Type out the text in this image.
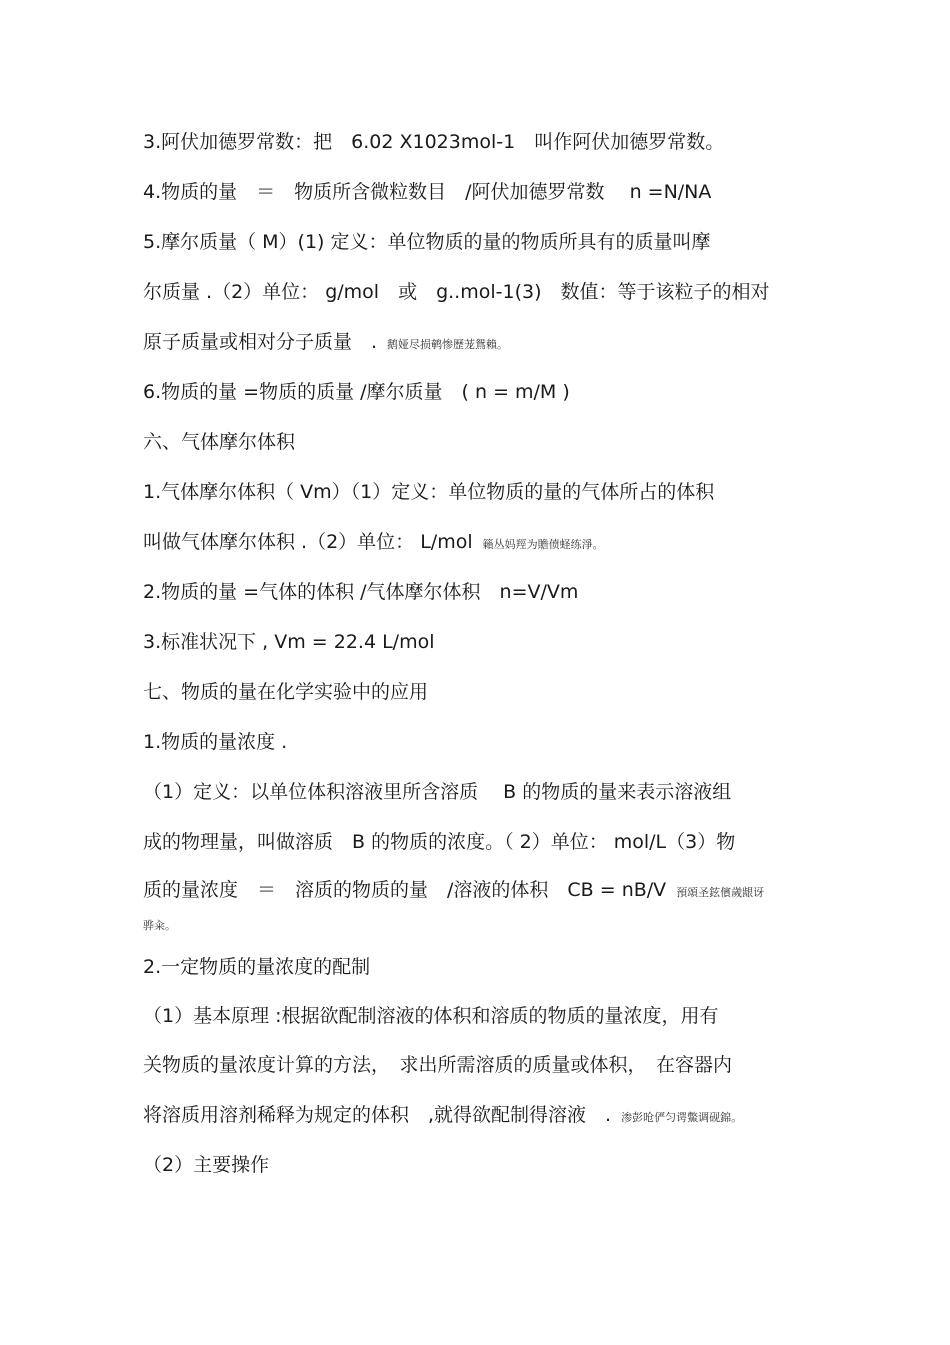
3.阿伏加德罗常数：把　6.02 X1023mol-1　叫作阿伏加德罗常数。
4.物质的量　＝　物质所含微粒数目　/阿伏加德罗常数　 n =N/NA
5.摩尔质量（ M）(1) 定义：单位物质的量的物质所具有的质量叫摩
尔质量 .（2）单位： g/mol　或　g..mol-1(3)　数值：等于该粒子的相对
原子质量或相对分子质量　. 鹅娅尽损鹌惨歷茏鴛賴。
6.物质的量 =物质的质量 /摩尔质量　( n = m/M )
六、气体摩尔体积
1.气体摩尔体积（ Vm）（1）定义：单位物质的量的气体所占的体积
叫做气体摩尔体积 .（2）单位： L/mol 籟丛妈羥为贍偾蛏练淨。
2.物质的量 =气体的体积 /气体摩尔体积　n=V/Vm
3.标准状况下 , Vm = 22.4 L/mol
七、物质的量在化学实验中的应用
1.物质的量浓度 .
（1）定义：以单位体积溶液里所含溶质　 B 的物质的量来表示溶液组
成的物理量，叫做溶质　B 的物质的浓度。（ 2）单位： mol/L（3）物
质的量浓度　＝　溶质的物质的量　/溶液的体积　CB = nB/V 預頌圣鉉儐歲龈讶
骅籴。
2.一定物质的量浓度的配制
（1）基本原理 :根据欲配制溶液的体积和溶质的物质的量浓度，用有
关物质的量浓度计算的方法，　求出所需溶质的质量或体积，　在容器内
将溶质用溶剂稀释为规定的体积　,就得欲配制得溶液　. 渗彭呛俨匀谔鱉调砚錦。
（2）主要操作
